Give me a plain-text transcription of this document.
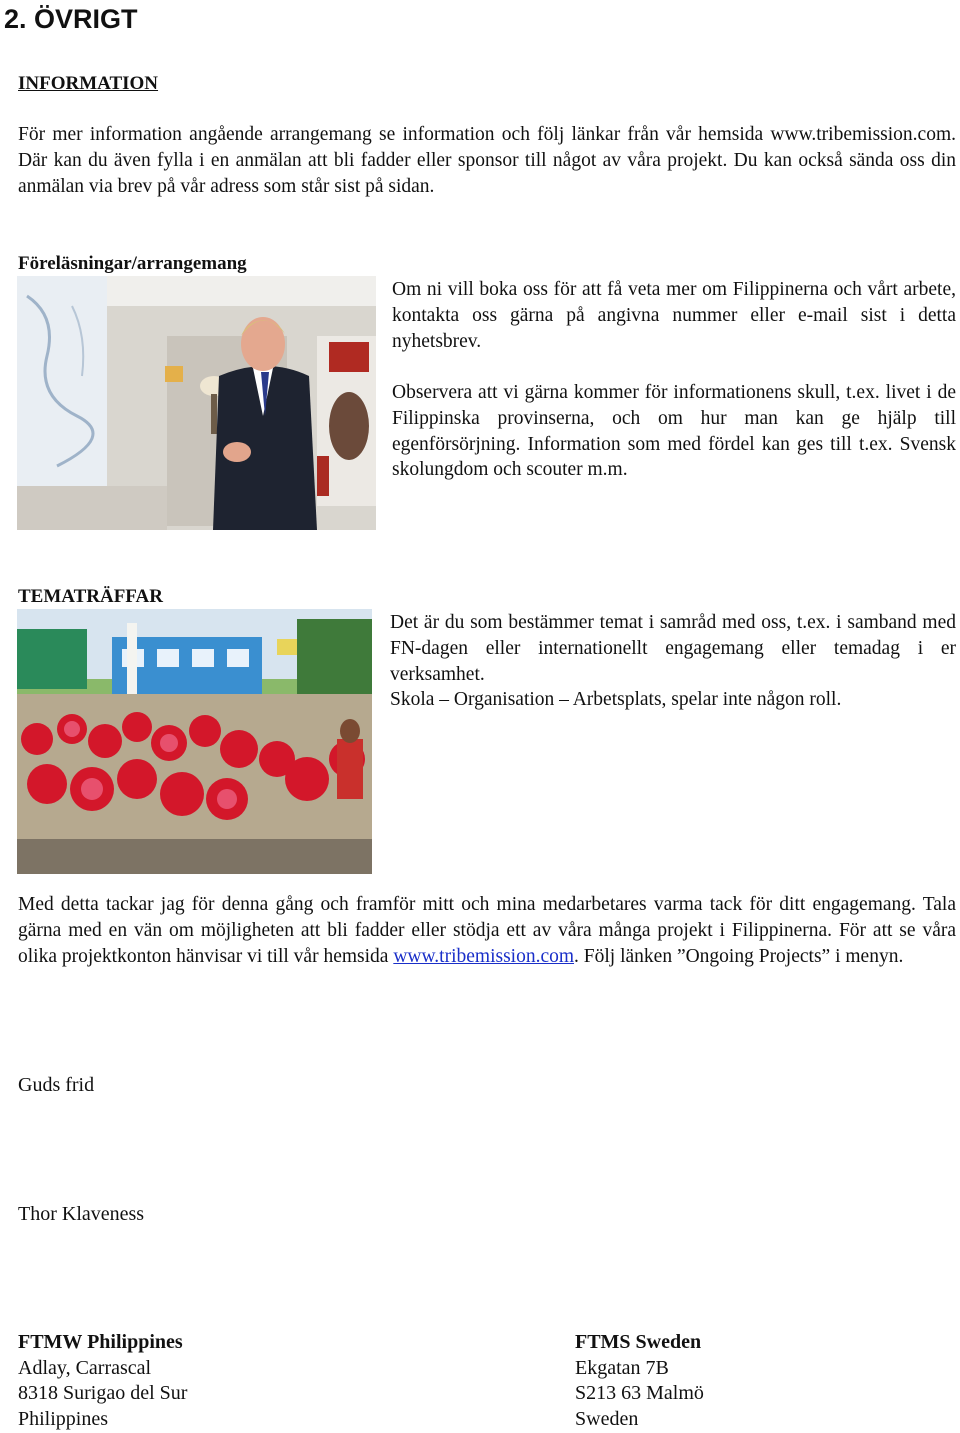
2. ÖVRIGT
INFORMATION

För mer information angående arrangemang se information och följ länkar från vår hemsida www.tribemission.com. Där kan du även fylla i en anmälan att bli fadder eller sponsor till något av våra projekt. Du kan också sända oss din anmälan via brev på vår adress som står sist på sidan.

Föreläsningar/arrangemang

Om ni vill boka oss för att få veta mer om Filippinerna och vårt arbete, kontakta oss gärna på angivna nummer eller e-mail sist i detta nyhetsbrev.

Observera att vi gärna kommer för informationens skull, t.ex. livet i de Filippinska provinserna, och om hur man kan ge hjälp till egenförsörjning. Information som med fördel kan ges till t.ex. Svensk skolungdom och scouter m.m.

TEMATRÄFFAR

Det är du som bestämmer temat i samråd med oss, t.ex. i samband med FN-dagen eller internationellt engagemang eller temadag i er verksamhet.

Skola – Organisation – Arbetsplats, spelar inte någon roll.

Med detta tackar jag för denna gång och framför mitt och mina medarbetares varma tack för ditt engagemang. Tala gärna med en vän om möjligheten att bli fadder eller stödja ett av våra många projekt i Filippinerna. För att se våra olika projektkonton hänvisar vi till vår hemsida www.tribemission.com. Följ länken ”Ongoing Projects” i menyn.

Guds frid
Thor Klaveness
FTMW Philippines
Adlay, Carrascal
8318 Surigao del Sur
Philippines
FTMS Sweden
Ekgatan 7B
S213 63 Malmö
Sweden
